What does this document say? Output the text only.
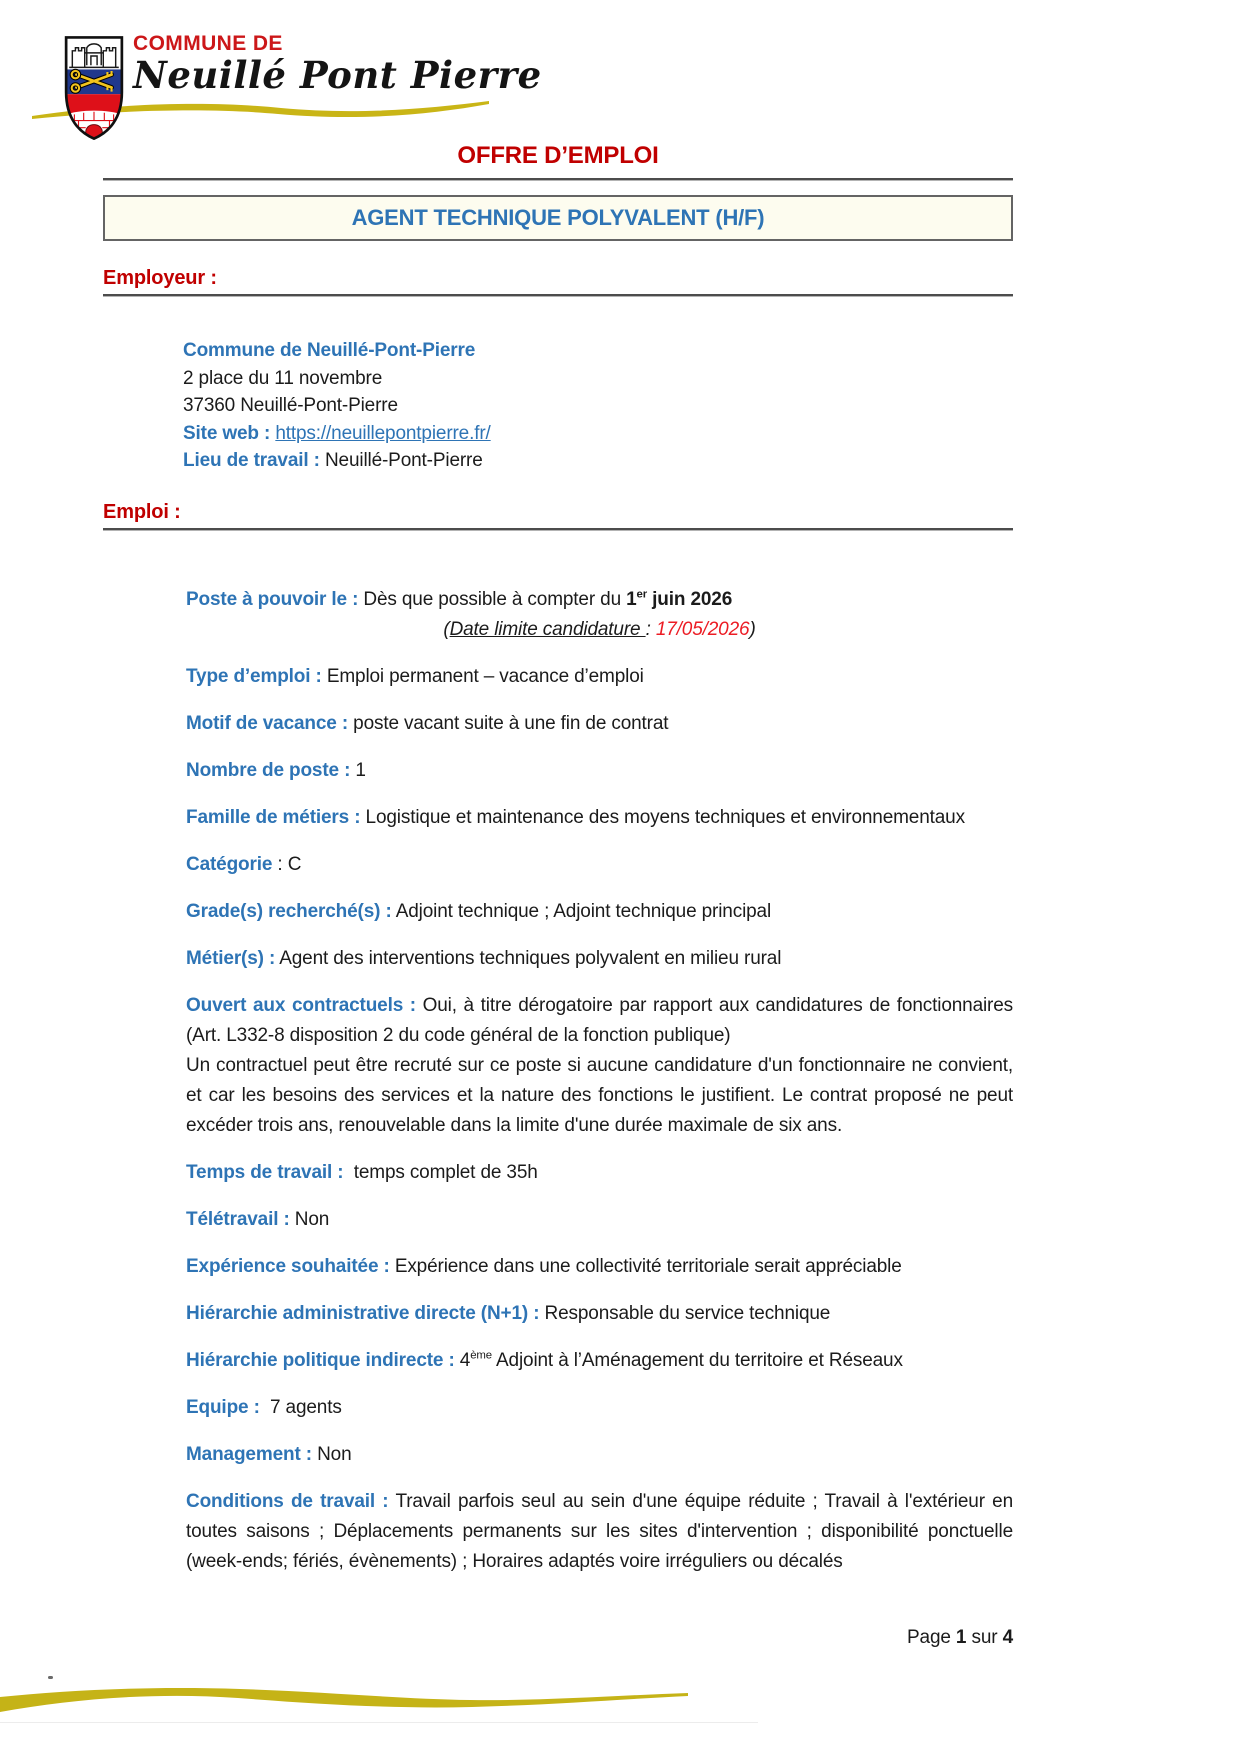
COMMUNE DE
Neuillé Pont Pierre
OFFRE D’EMPLOI
AGENT TECHNIQUE POLYVALENT (H/F)
Employeur :

Commune de Neuillé-Pont-Pierre

2 place du 11 novembre

37360 Neuillé-Pont-Pierre

Site web : https://neuillepontpierre.fr/

Lieu de travail : Neuillé-Pont-Pierre

Emploi :

Poste à pouvoir le : Dès que possible à compter du 1er juin 2026

(Date limite candidature : 17/05/2026)

Type d’emploi : Emploi permanent – vacance d’emploi

Motif de vacance : poste vacant suite à une fin de contrat

Nombre de poste : 1

Famille de métiers : Logistique et maintenance des moyens techniques et environnementaux

Catégorie : C

Grade(s) recherché(s) : Adjoint technique ; Adjoint technique principal

Métier(s) : Agent des interventions techniques polyvalent en milieu rural

Ouvert aux contractuels : Oui, à titre dérogatoire par rapport aux candidatures de fonctionnaires (Art. L332-8 disposition 2 du code général de la fonction publique)

Un contractuel peut être recruté sur ce poste si aucune candidature d'un fonctionnaire ne convient, et car les besoins des services et la nature des fonctions le justifient. Le contrat proposé ne peut excéder trois ans, renouvelable dans la limite d'une durée maximale de six ans.

Temps de travail : temps complet de 35h

Télétravail : Non

Expérience souhaitée : Expérience dans une collectivité territoriale serait appréciable

Hiérarchie administrative directe (N+1) : Responsable du service technique

Hiérarchie politique indirecte : 4ème Adjoint à l’Aménagement du territoire et Réseaux

Equipe : 7 agents

Management : Non

Conditions de travail : Travail parfois seul au sein d'une équipe réduite ; Travail à l'extérieur en toutes saisons ; Déplacements permanents sur les sites d'intervention ; disponibilité ponctuelle (week-ends; fériés, évènements) ; Horaires adaptés voire irréguliers ou décalés

Page 1 sur 4
